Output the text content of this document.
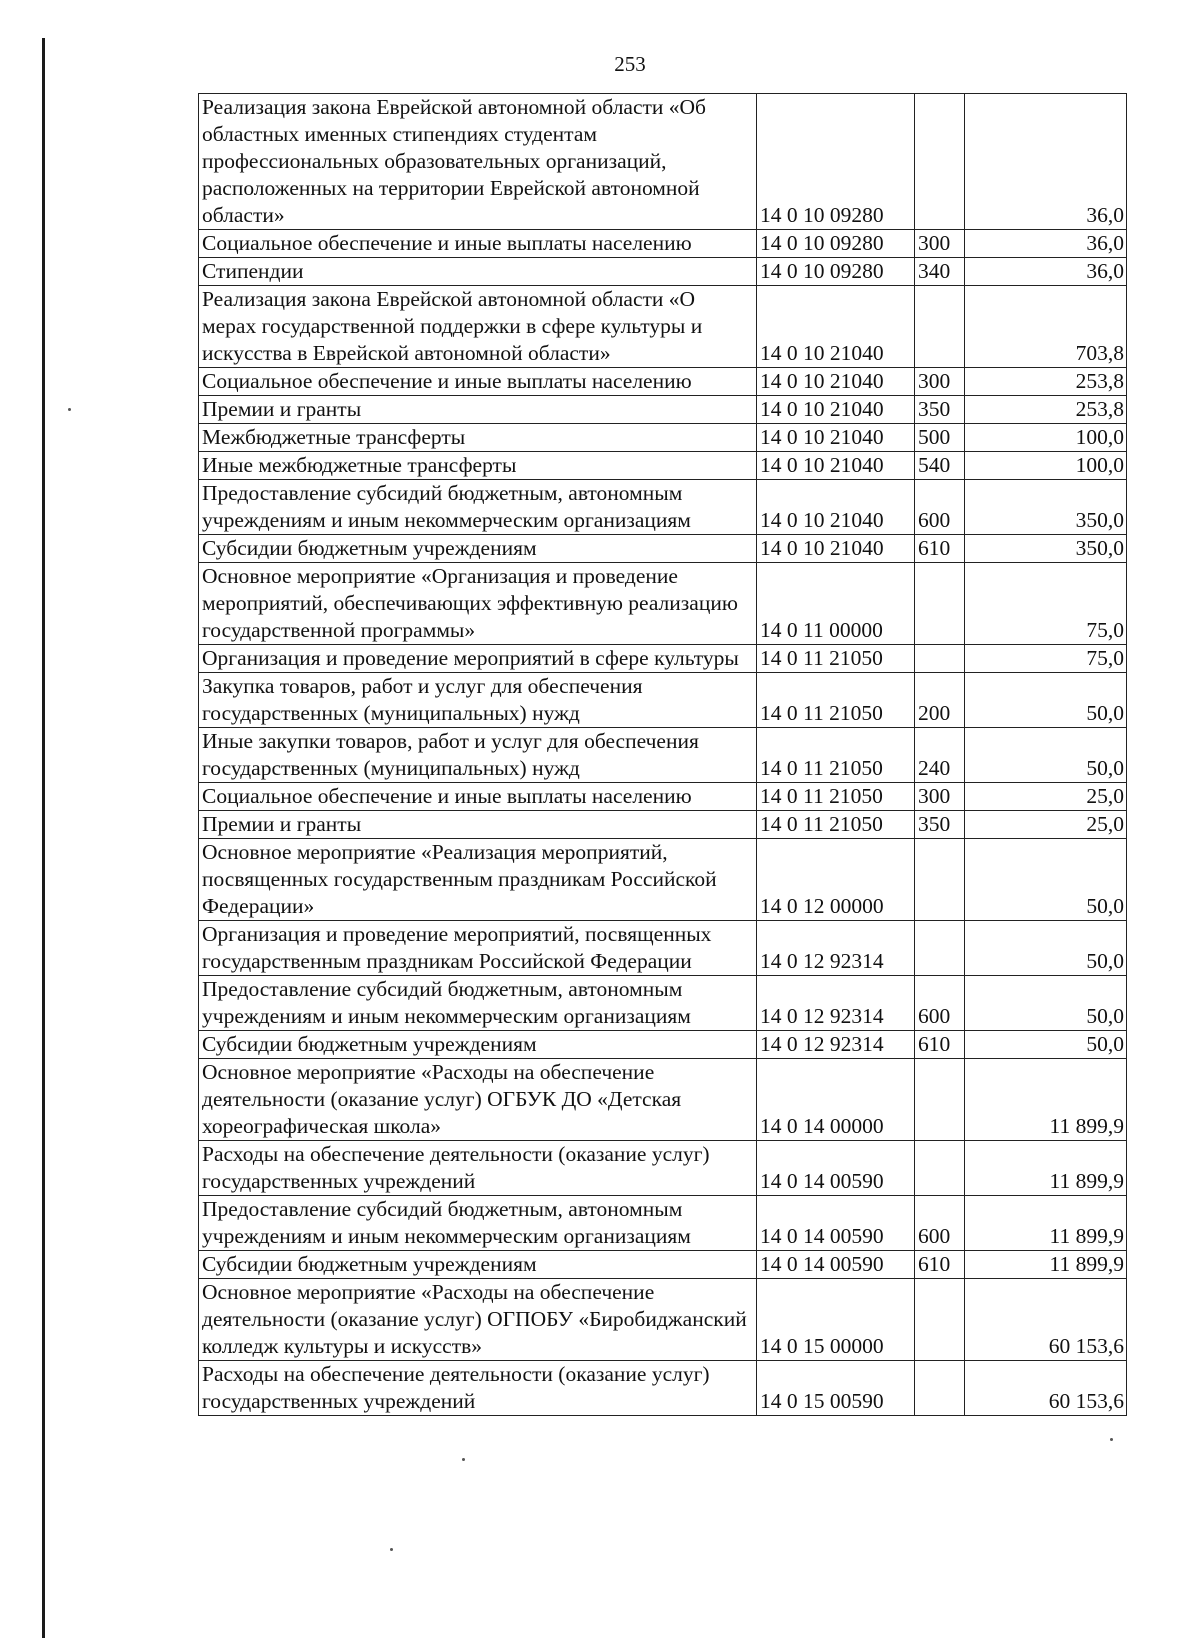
253
Реализация закона Еврейской автономной области «Об областных именных стипендиях студентам профессиональных образовательных организаций, расположенных на территории Еврейской автономной области»	14 0 10 09280		36,0
Социальное обеспечение и иные выплаты населению	14 0 10 09280	300	36,0
Стипендии	14 0 10 09280	340	36,0
Реализация закона Еврейской автономной области «О мерах государственной поддержки в сфере культуры и искусства в Еврейской автономной области»	14 0 10 21040		703,8
Социальное обеспечение и иные выплаты населению	14 0 10 21040	300	253,8
Премии и гранты	14 0 10 21040	350	253,8
Межбюджетные трансферты	14 0 10 21040	500	100,0
Иные межбюджетные трансферты	14 0 10 21040	540	100,0
Предоставление субсидий бюджетным, автономным учреждениям и иным некоммерческим организациям	14 0 10 21040	600	350,0
Субсидии бюджетным учреждениям	14 0 10 21040	610	350,0
Основное мероприятие «Организация и проведение мероприятий, обеспечивающих эффективную реализацию государственной программы»	14 0 11 00000		75,0
Организация и проведение мероприятий в сфере культуры	14 0 11 21050		75,0
Закупка товаров, работ и услуг для обеспечения государственных (муниципальных) нужд	14 0 11 21050	200	50,0
Иные закупки товаров, работ и услуг для обеспечения государственных (муниципальных) нужд	14 0 11 21050	240	50,0
Социальное обеспечение и иные выплаты населению	14 0 11 21050	300	25,0
Премии и гранты	14 0 11 21050	350	25,0
Основное мероприятие «Реализация мероприятий, посвященных государственным праздникам Российской Федерации»	14 0 12 00000		50,0
Организация и проведение мероприятий, посвященных государственным праздникам Российской Федерации	14 0 12 92314		50,0
Предоставление субсидий бюджетным, автономным учреждениям и иным некоммерческим организациям	14 0 12 92314	600	50,0
Субсидии бюджетным учреждениям	14 0 12 92314	610	50,0
Основное мероприятие «Расходы на обеспечение деятельности (оказание услуг) ОГБУК ДО «Детская хореографическая школа»	14 0 14 00000		11 899,9
Расходы на обеспечение деятельности (оказание услуг) государственных учреждений	14 0 14 00590		11 899,9
Предоставление субсидий бюджетным, автономным учреждениям и иным некоммерческим организациям	14 0 14 00590	600	11 899,9
Субсидии бюджетным учреждениям	14 0 14 00590	610	11 899,9
Основное мероприятие «Расходы на обеспечение деятельности (оказание услуг) ОГПОБУ «Биробиджанский колледж культуры и искусств»	14 0 15 00000		60 153,6
Расходы на обеспечение деятельности (оказание услуг) государственных учреждений	14 0 15 00590		60 153,6
